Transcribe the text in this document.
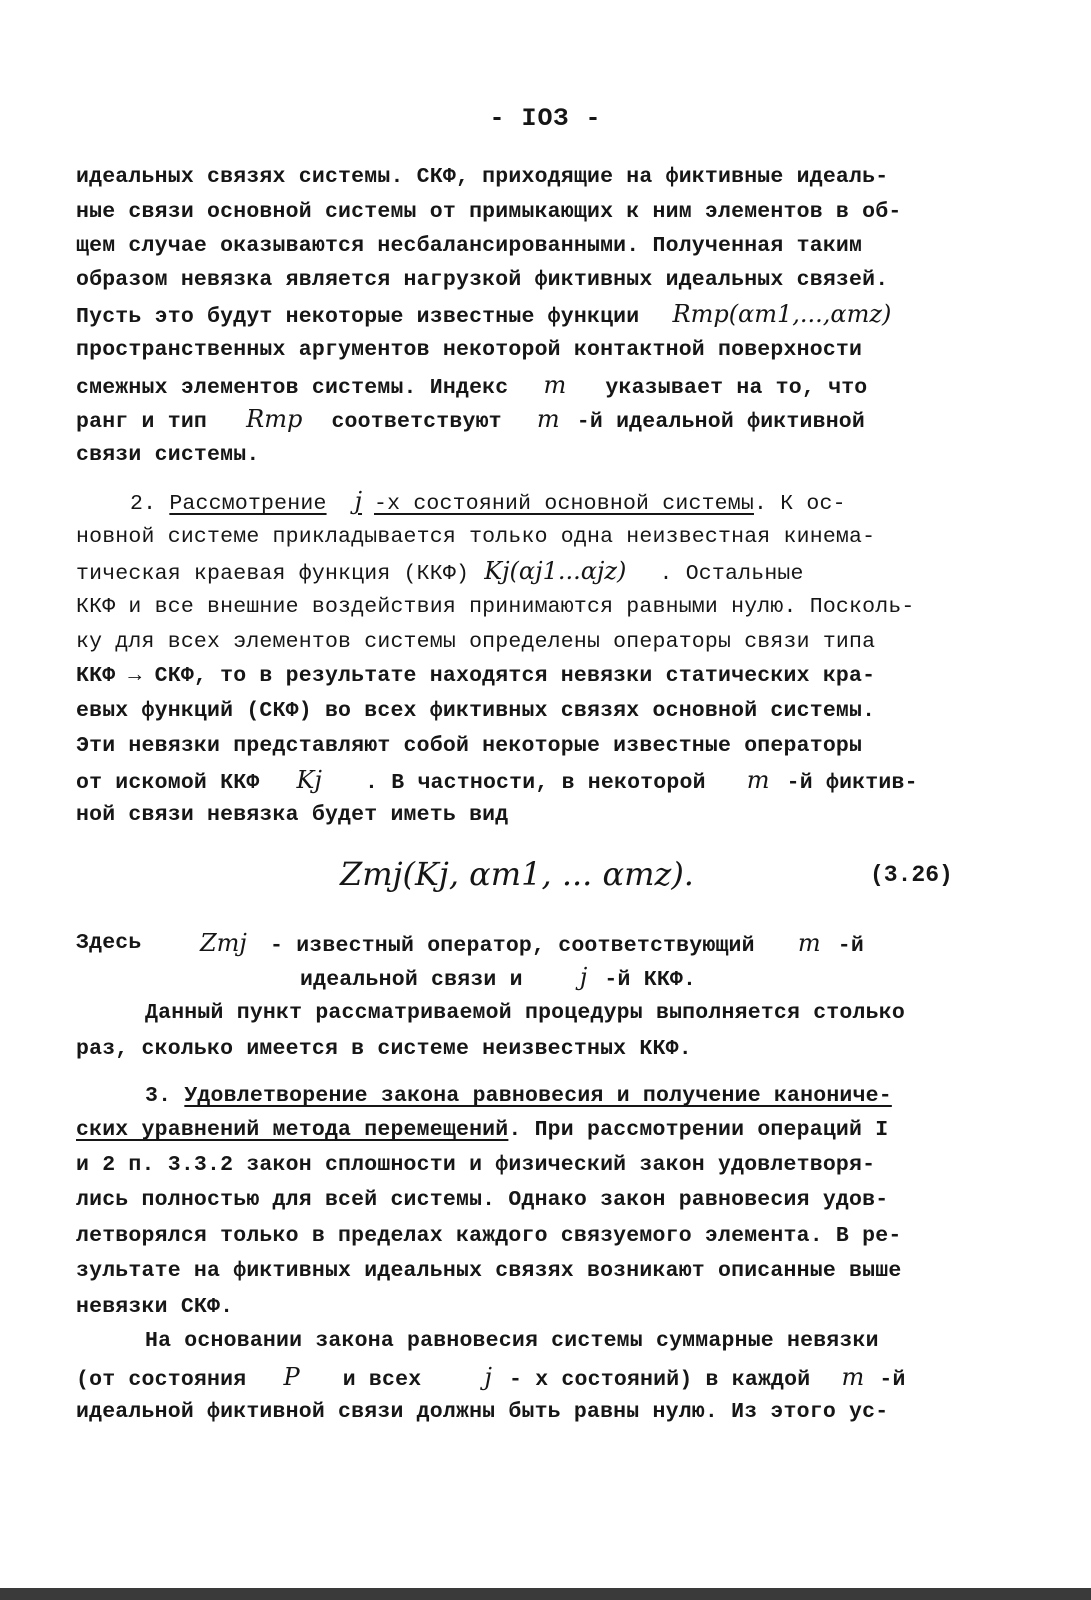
- ІОЗ -
идеальных связях системы. СКФ, приходящие на фиктивные идеаль-
ные связи основной системы от примыкающих к ним элементов в об-
щем случае оказываются несбалансированными. Полученная таким
образом невязка является нагрузкой фиктивных идеальных связей.
Пусть это будут некоторые известные функции Rmp(αm1,...,αmz)
пространственных аргументов некоторой контактной поверхности
смежных элементов системы. Индекс m указывает на то, что
ранг и тип Rmp соответствуют m -й идеальной фиктивной
связи системы.
2. Рассмотрение j -х состояний основной системы. К ос-
новной системе прикладывается только одна неизвестная кинема-
тическая краевая функция (ККФ) Kj(αj1...αjz) . Остальные
ККФ и все внешние воздействия принимаются равными нулю. Посколь-
ку для всех элементов системы определены операторы связи типа
ККФ → СКФ, то в результате находятся невязки статических кра-
евых функций (СКФ) во всех фиктивных связях основной системы.
Эти невязки представляют собой некоторые известные операторы
от искомой ККФ Kj . В частности, в некоторой m -й фиктив-
ной связи невязка будет иметь вид
Zmj(Kj, αm1, ... αmz).	(3.26)
Здесь Zmj - известный оператор, соответствующий m -й
идеальной связи и j -й ККФ.
Данный пункт рассматриваемой процедуры выполняется столько
раз, сколько имеется в системе неизвестных ККФ.
3. Удовлетворение закона равновесия и получение канониче-
ских уравнений метода перемещений. При рассмотрении операций I
и 2 п. 3.3.2 закон сплошности и физический закон удовлетворя-
лись полностью для всей системы. Однако закон равновесия удов-
летворялся только в пределах каждого связуемого элемента. В ре-
зультате на фиктивных идеальных связях возникают описанные выше
невязки СКФ.
На основании закона равновесия системы суммарные невязки
(от состояния P и всех	j - х состояний) в каждой m -й
идеальной фиктивной связи должны быть равны нулю. Из этого ус-
